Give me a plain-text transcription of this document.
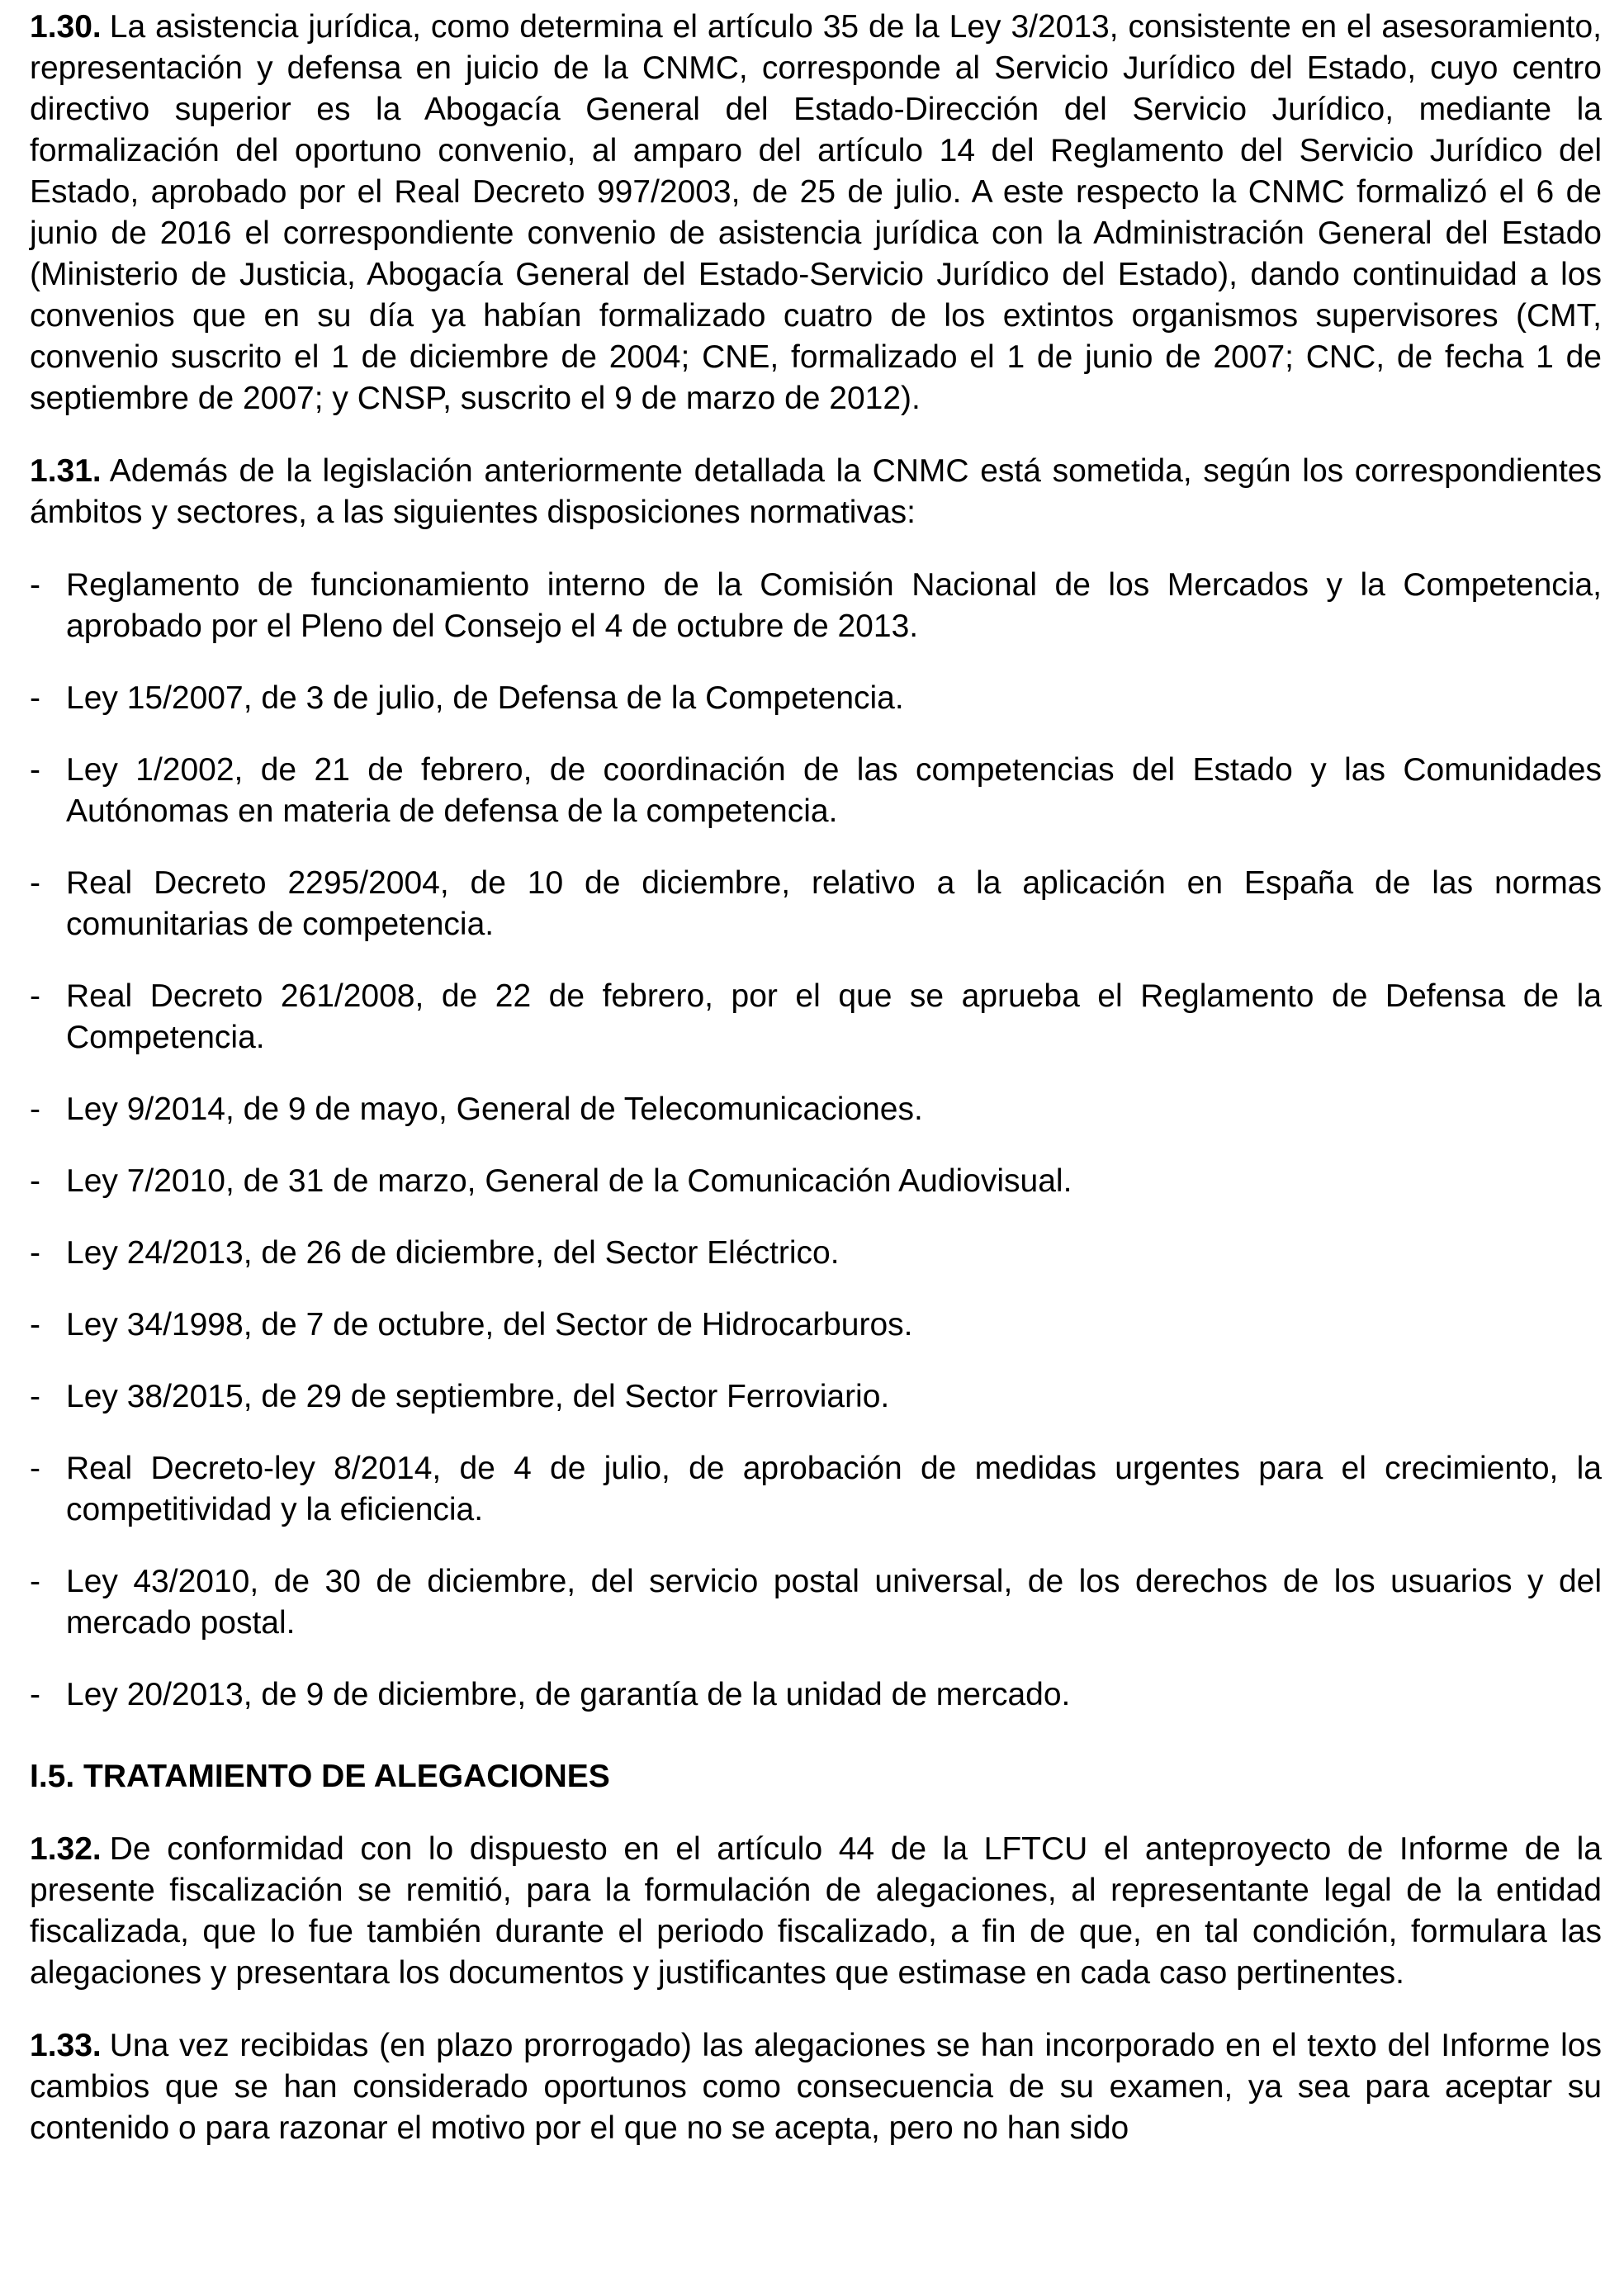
1.30. La asistencia jurídica, como determina el artículo 35 de la Ley 3/2013, consistente en el asesoramiento, representación y defensa en juicio de la CNMC, corresponde al Servicio Jurídico del Estado, cuyo centro directivo superior es la Abogacía General del Estado-Dirección del Servicio Jurídico, mediante la formalización del oportuno convenio, al amparo del artículo 14 del Reglamento del Servicio Jurídico del Estado, aprobado por el Real Decreto 997/2003, de 25 de julio. A este respecto la CNMC formalizó el 6 de junio de 2016 el correspondiente convenio de asistencia jurídica con la Administración General del Estado (Ministerio de Justicia, Abogacía General del Estado-Servicio Jurídico del Estado), dando continuidad a los convenios que en su día ya habían formalizado cuatro de los extintos organismos supervisores (CMT, convenio suscrito el 1 de diciembre de 2004; CNE, formalizado el 1 de junio de 2007; CNC, de fecha 1 de septiembre de 2007; y CNSP, suscrito el 9 de marzo de 2012).

1.31. Además de la legislación anteriormente detallada la CNMC está sometida, según los correspondientes ámbitos y sectores, a las siguientes disposiciones normativas:

- Reglamento de funcionamiento interno de la Comisión Nacional de los Mercados y la Competencia, aprobado por el Pleno del Consejo el 4 de octubre de 2013.
- Ley 15/2007, de 3 de julio, de Defensa de la Competencia.
- Ley 1/2002, de 21 de febrero, de coordinación de las competencias del Estado y las Comunidades Autónomas en materia de defensa de la competencia.
- Real Decreto 2295/2004, de 10 de diciembre, relativo a la aplicación en España de las normas comunitarias de competencia.
- Real Decreto 261/2008, de 22 de febrero, por el que se aprueba el Reglamento de Defensa de la Competencia.
- Ley 9/2014, de 9 de mayo, General de Telecomunicaciones.
- Ley 7/2010, de 31 de marzo, General de la Comunicación Audiovisual.
- Ley 24/2013, de 26 de diciembre, del Sector Eléctrico.
- Ley 34/1998, de 7 de octubre, del Sector de Hidrocarburos.
- Ley 38/2015, de 29 de septiembre, del Sector Ferroviario.
- Real Decreto-ley 8/2014, de 4 de julio, de aprobación de medidas urgentes para el crecimiento, la competitividad y la eficiencia.
- Ley 43/2010, de 30 de diciembre, del servicio postal universal, de los derechos de los usuarios y del mercado postal.
- Ley 20/2013, de 9 de diciembre, de garantía de la unidad de mercado.
I.5. TRATAMIENTO DE ALEGACIONES

1.32. De conformidad con lo dispuesto en el artículo 44 de la LFTCU el anteproyecto de Informe de la presente fiscalización se remitió, para la formulación de alegaciones, al representante legal de la entidad fiscalizada, que lo fue también durante el periodo fiscalizado, a fin de que, en tal condición, formulara las alegaciones y presentara los documentos y justificantes que estimase en cada caso pertinentes.

1.33. Una vez recibidas (en plazo prorrogado) las alegaciones se han incorporado en el texto del Informe los cambios que se han considerado oportunos como consecuencia de su examen, ya sea para aceptar su contenido o para razonar el motivo por el que no se acepta, pero no han sido
